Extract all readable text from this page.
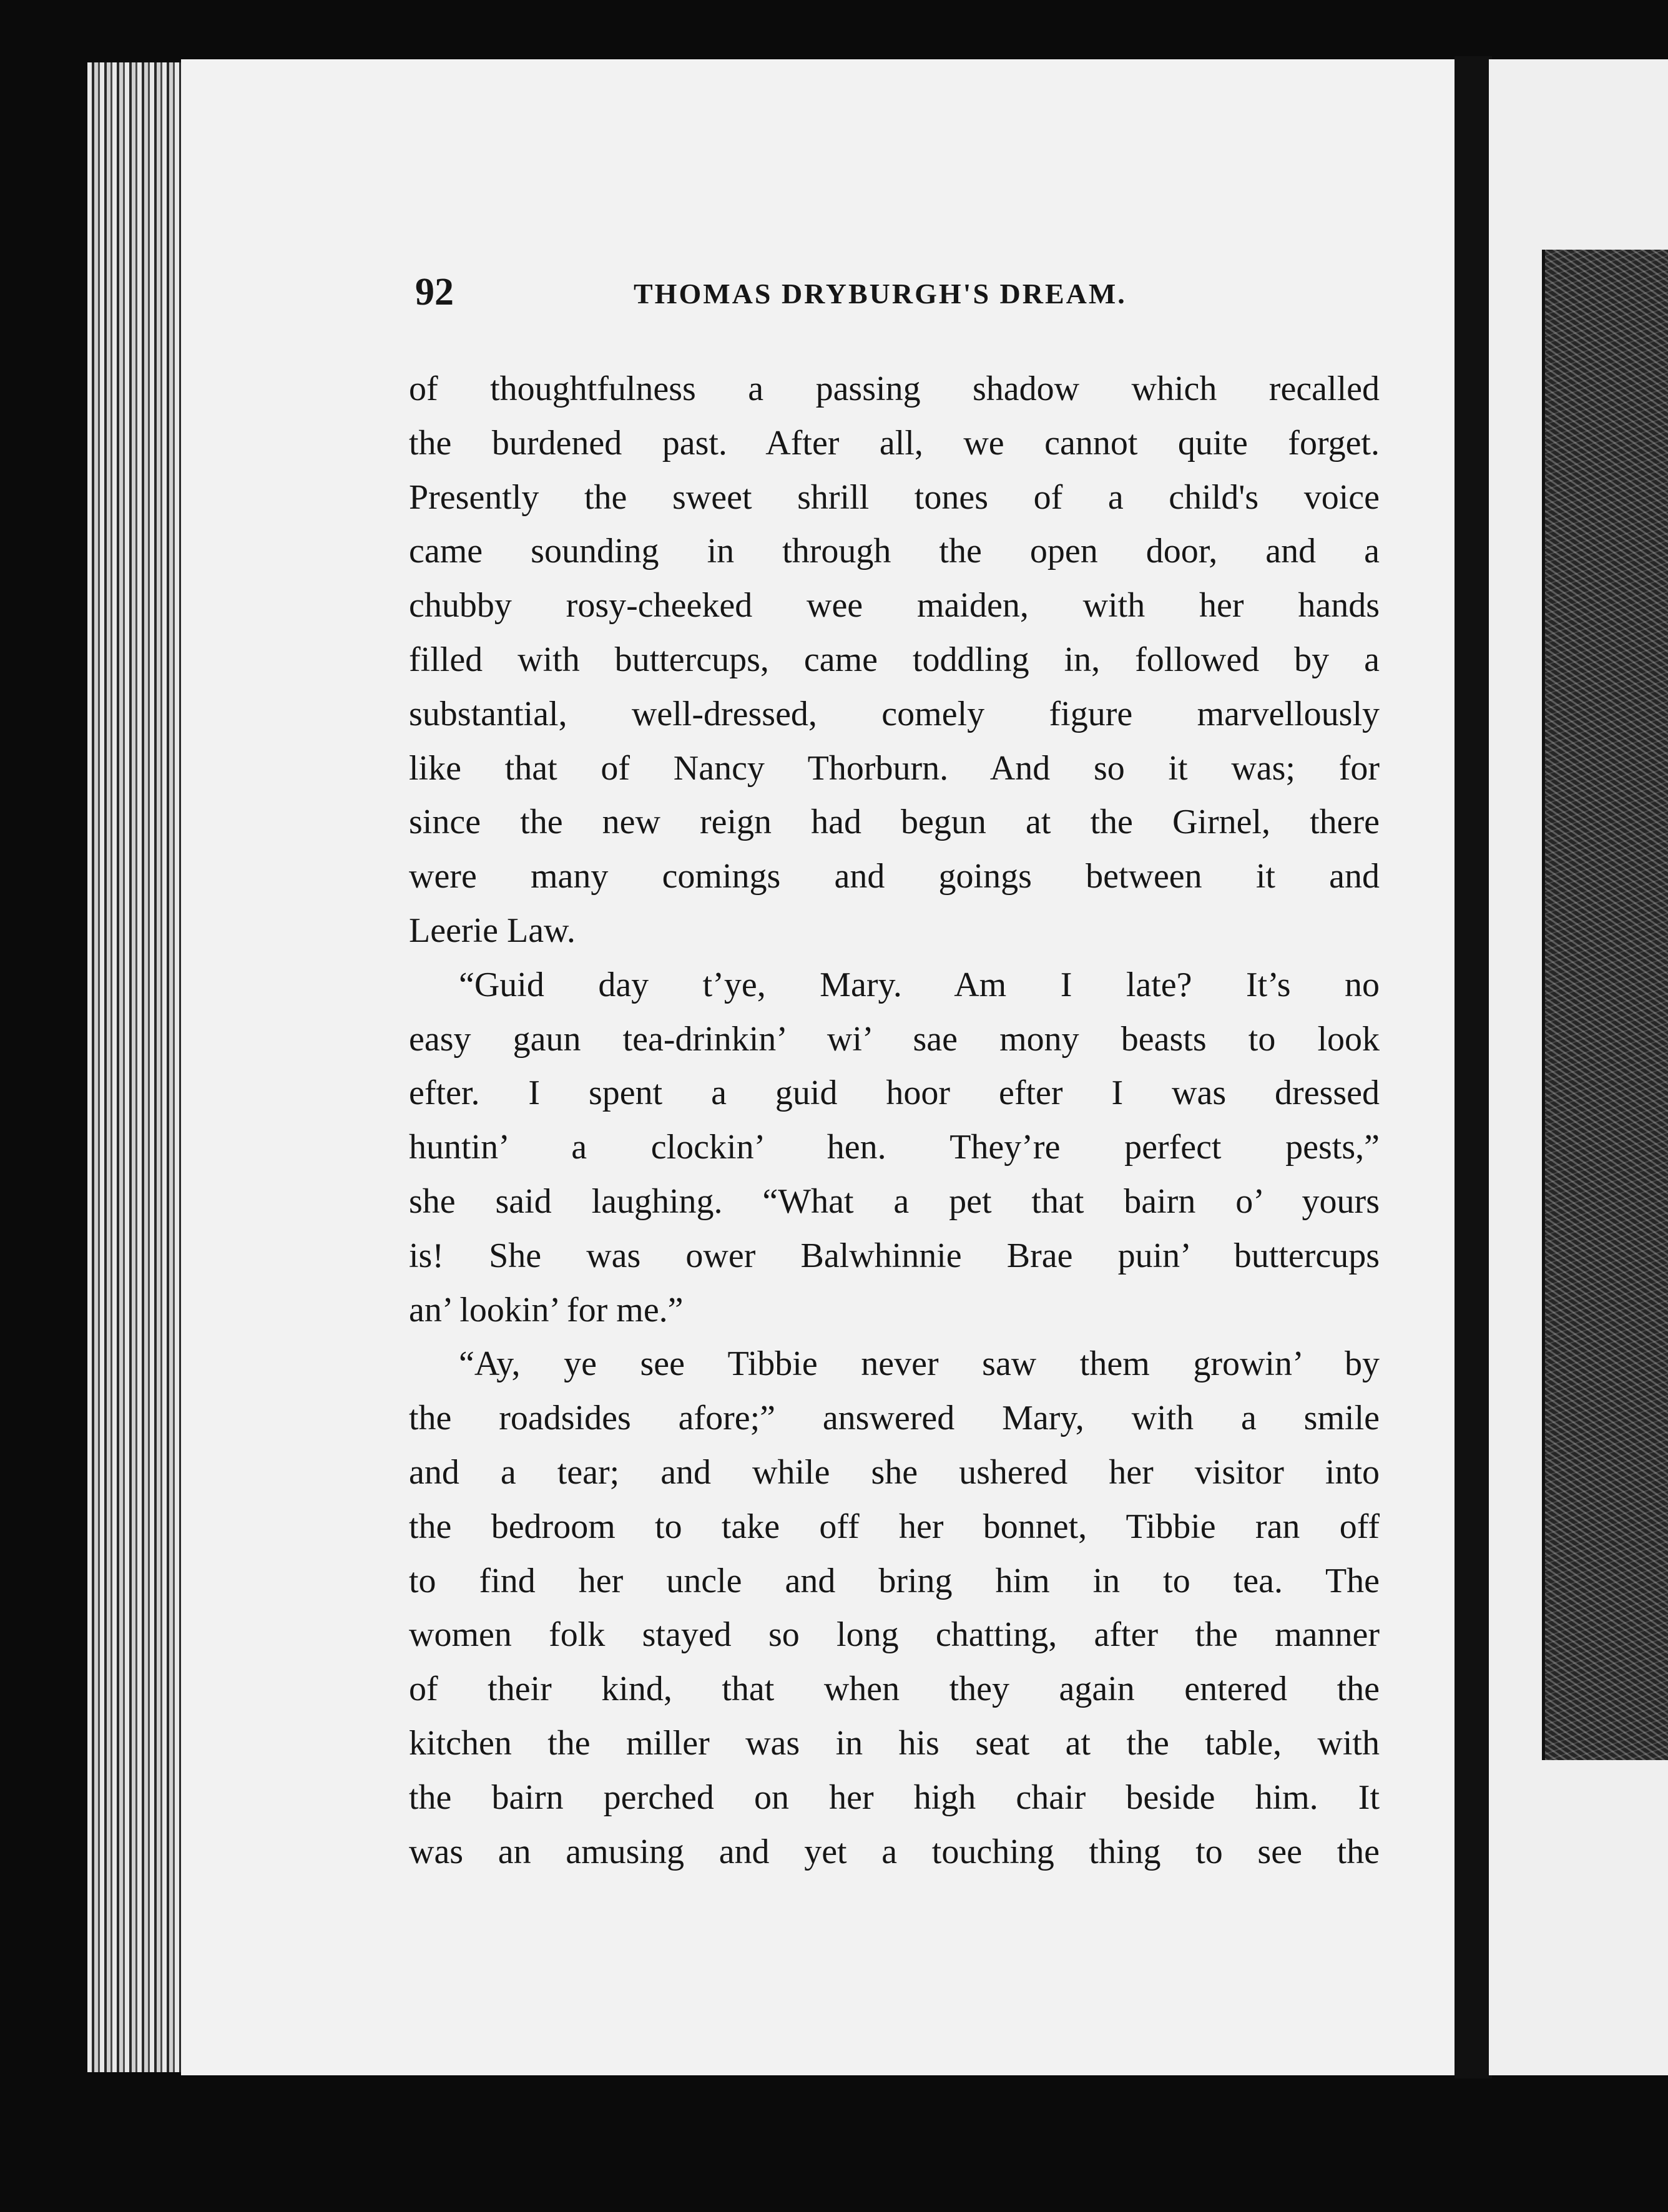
92	THOMAS DRYBURGH'S DREAM.
of thoughtfulness a passing shadow which recalled
the burdened past. After all, we cannot quite forget.
Presently the sweet shrill tones of a child's voice
came sounding in through the open door, and a
chubby rosy-cheeked wee maiden, with her hands
filled with buttercups, came toddling in, followed by a
substantial, well-dressed, comely figure marvellously
like that of Nancy Thorburn. And so it was; for
since the new reign had begun at the Girnel, there
were many comings and goings between it and
Leerie Law.
“Guid day t’ye, Mary. Am I late? It’s no
easy gaun tea-drinkin’ wi’ sae mony beasts to look
efter. I spent a guid hoor efter I was dressed
huntin’ a clockin’ hen. They’re perfect pests,”
she said laughing. “What a pet that bairn o’ yours
is! She was ower Balwhinnie Brae puin’ buttercups
an’ lookin’ for me.”
“Ay, ye see Tibbie never saw them growin’ by
the roadsides afore;” answered Mary, with a smile
and a tear; and while she ushered her visitor into
the bedroom to take off her bonnet, Tibbie ran off
to find her uncle and bring him in to tea. The
women folk stayed so long chatting, after the manner
of their kind, that when they again entered the
kitchen the miller was in his seat at the table, with
the bairn perched on her high chair beside him. It
was an amusing and yet a touching thing to see the
